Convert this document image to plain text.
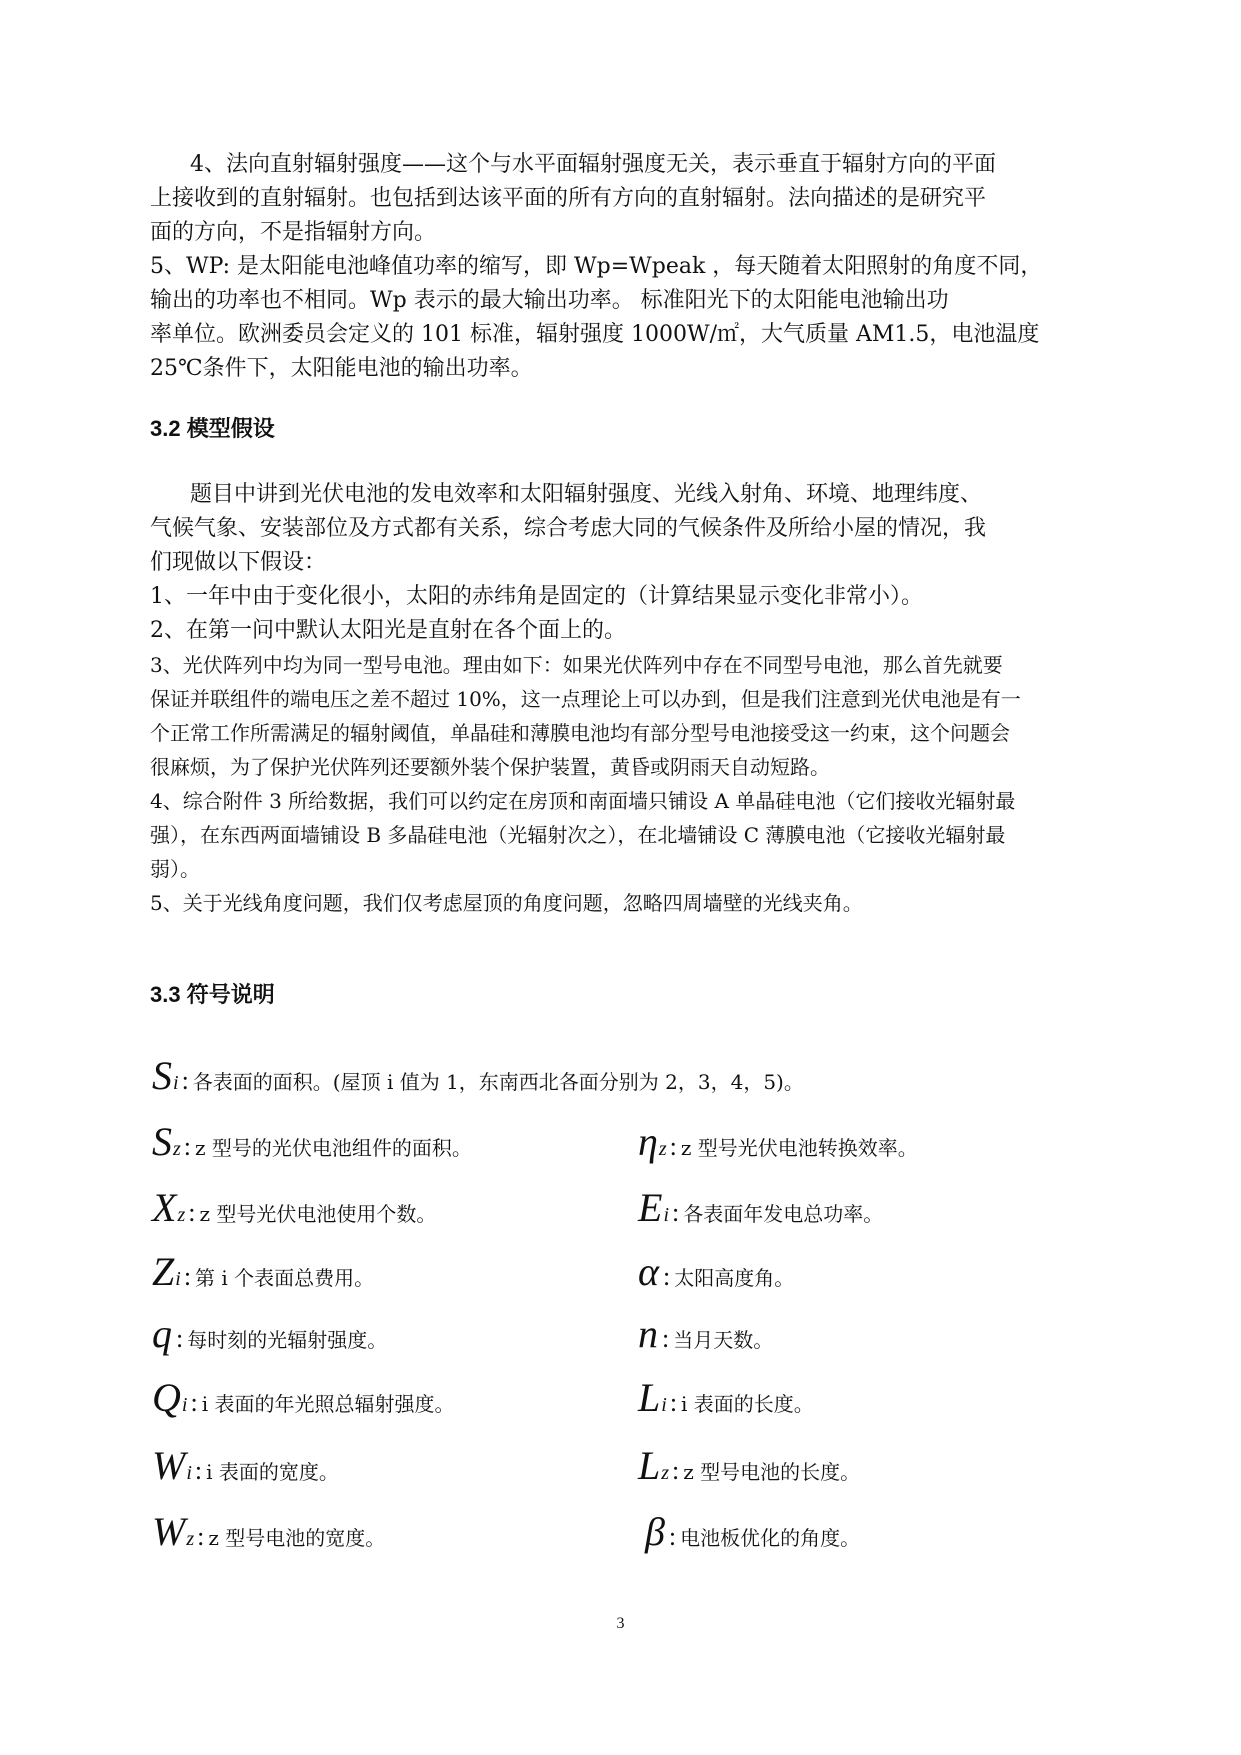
4、法向直射辐射强度——这个与水平面辐射强度无关，表示垂直于辐射方向的平面
上接收到的直射辐射。也包括到达该平面的所有方向的直射辐射。法向描述的是研究平
面的方向，不是指辐射方向。
5、WP: 是太阳能电池峰值功率的缩写，即 Wp=Wpeak ，每天随着太阳照射的角度不同，
输出的功率也不相同。Wp 表示的最大输出功率。 标准阳光下的太阳能电池输出功
率单位。欧洲委员会定义的 101 标准，辐射强度 1000W/㎡，大气质量 AM1.5，电池温度
25℃条件下，太阳能电池的输出功率。
3.2 模型假设
题目中讲到光伏电池的发电效率和太阳辐射强度、光线入射角、环境、地理纬度、
气候气象、安装部位及方式都有关系，综合考虑大同的气候条件及所给小屋的情况，我
们现做以下假设：
1、一年中由于变化很小，太阳的赤纬角是固定的（计算结果显示变化非常小）。
2、在第一问中默认太阳光是直射在各个面上的。
3、光伏阵列中均为同一型号电池。理由如下：如果光伏阵列中存在不同型号电池，那么首先就要
保证并联组件的端电压之差不超过 10%，这一点理论上可以办到，但是我们注意到光伏电池是有一
个正常工作所需满足的辐射阈值，单晶硅和薄膜电池均有部分型号电池接受这一约束，这个问题会
很麻烦，为了保护光伏阵列还要额外装个保护装置，黄昏或阴雨天自动短路。
4、综合附件 3 所给数据，我们可以约定在房顶和南面墙只铺设 A 单晶硅电池（它们接收光辐射最
强），在东西两面墙铺设 B 多晶硅电池（光辐射次之），在北墙铺设 C 薄膜电池（它接收光辐射最
弱）。
5、关于光线角度问题，我们仅考虑屋顶的角度问题，忽略四周墙壁的光线夹角。
3.3 符号说明
S i : 各表面的面积。(屋顶 i 值为 1，东南西北各面分别为 2，3，4，5)。
S z : z 型号的光伏电池组件的面积。	η z : z 型号光伏电池转换效率。
X z : z 型号光伏电池使用个数。	E i : 各表面年发电总功率。
Z i : 第 i 个表面总费用。	α : 太阳高度角。
q : 每时刻的光辐射强度。	n : 当月天数。
Q i : i 表面的年光照总辐射强度。	L i : i 表面的长度。
W i : i 表面的宽度。	L z : z 型号电池的长度。
W z : z 型号电池的宽度。	β : 电池板优化的角度。
3
